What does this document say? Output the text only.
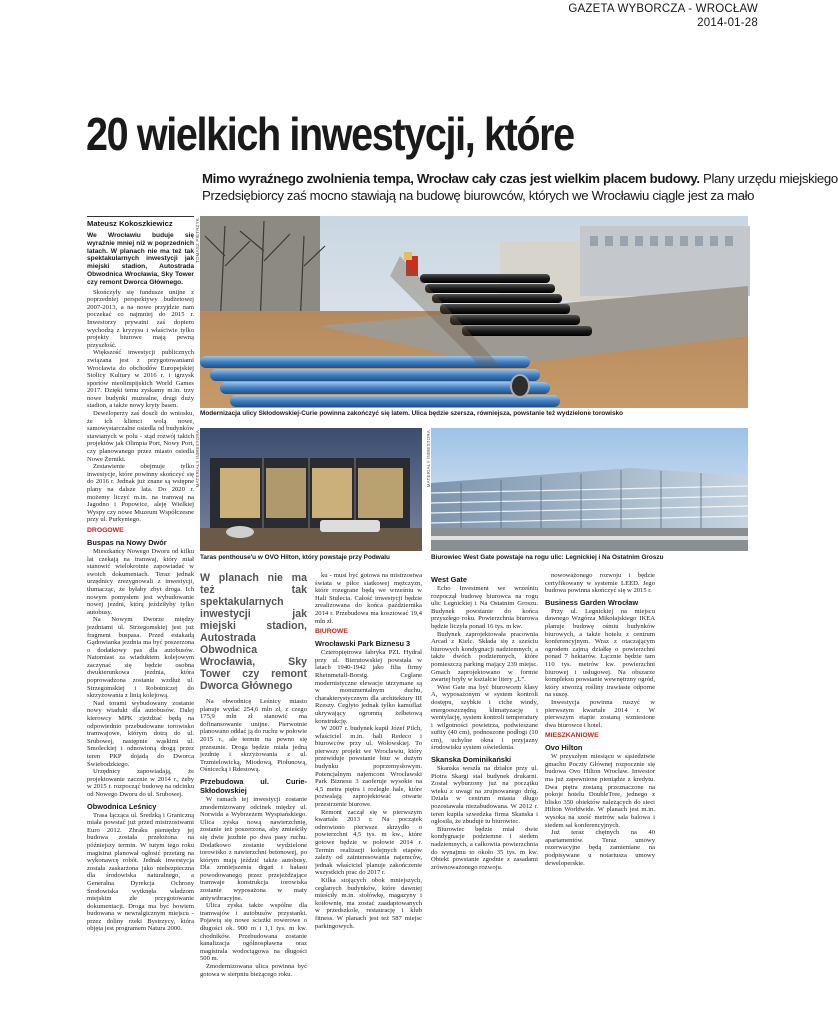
GAZETA WYBORCZA - WROCŁAW
2014-01-28
20 wielkich inwestycji, które
Mimo wyraźnego zwolnienia tempa, Wrocław cały czas jest wielkim placem budowy. Plany urzędu miejskiego
Przedsiębiorcy zaś mocno stawiają na budowę biurowców, których we Wrocławiu ciągle jest za mało
Mateusz Kokoszkiewicz
We Wrocławiu buduje się wyraźnie mniej niż w poprzednich latach. W planach nie ma też tak spektakularnych inwestycji jak miejski stadion, Autostrada Obwodnica Wrocławia, Sky Tower czy remont Dworca Głównego.

Skończyły się fundusze unijne z poprzedniej perspektywy budżetowej 2007-2013, a na nowe przyjdzie nam poczekać co najmniej do 2015 r. Inwestorzy prywatni zaś dopiero wychodzą z kryzysu i właściwie tylko projekty biurowe mają pewną przyszłość.

Większość inwestycji publicznych związana jest z przygotowaniami Wrocławia do obchodów Europejskiej Stolicy Kultury w 2016 r. i igrzysk sportów nieolimpijskich World Games 2017. Dzięki temu zyskamy m.in. trzy nowe budynki muzealne, drugi duży stadion, a także nowy kryty basen.

Deweloperzy zaś doszli do wniosku, że ich klienci wolą nowe, samowystarczalne osiedla od budynków stawianych w polu - stąd rozwój takich projektów jak Olimpia Port, Nowy Port, czy planowanego przez miasto osiedla Nowe Żerniki.

Zestawienie obejmuje tylko inwestycje, które powinny skończyć się do 2016 r. Jednak już znane są wstępne plany na dalsze lata. Do 2020 r. możemy liczyć m.in. na tramwaj na Jagodno i Popowice, aleję Wielkiej Wyspy czy nowe Muzeum Współczesne przy ul. Purkyniego.

DROGOWE
Buspas na Nowy Dwór

Mieszkańcy Nowego Dworu od kilku lat czekają na tramwaj, który miał stanowić wielokrotnie zapowiadać w swoich dokumentach. Teraz jednak urzędnicy zrezygnowali z inwestycji, tłumacząc, że byłaby zbyt droga. Ich nowym pomysłem jest wybudowanie nowej jezdni, którą jeździłyby tylko autobusy.

Na Nowym Dworze między jezdniami ul. Strzegomskiej jest już fragment buspasa. Przed estakadą Gądowianka jezdnia ma być poszerzona o dodatkowy pas dla autobusów. Natomiast za wiaduktem kolejowym zaczynać się będzie osobna dwukierunkowa jezdnia, która poprowadzona zostanie wzdłuż ul. Strzegomskiej i Robotniczej do skrzyżowania z linią kolejową.

Nad torami wybudowany zostanie nowy wiadukt dla autobusów. Dalej kierowcy MPK zjeżdżać będą na odpowiednio przebudowane torowisko tramwajowe, którym dotrą do ul. Srubowej, następnie wąskimi ul. Smoleckiej i odnowioną drogą przez teren PKP dojadą do Dworca Świebodzkiego.

Urzędnicy zapowiadają, że projektowanie zacznie w 2014 r., żeby w 2015 r. rozpocząć budowę na odcinku od Nowego Dworu do ul. Srubowej.

Obwodnica Leśnicy

Trasa łącząca ul. Średzką i Graniczną miała powstać już przed mistrzostwami Euro 2012. Zbraku pieniędzy jej budowa została przełożona na późniejszy termin. W tutym tego roku magistrat planował ogłosić przetarg na wykonawcę robót. Jednak inwestycja została zaskarżona jako niebezpieczna dla środowiska naturalnego, a Generalna Dyrekcja Ochrony Środowiska wytknęła władzom miejskim złe przygotowanie dokumentacji. Droga ma być bowiem budowana w newralgicznym miejscu - przez doliny rzeki Bystrzycy, która objęta jest programem Natura 2000.

TOMASZ PIETRZYK
Modernizacja ulicy Skłodowskiej-Curie powinna zakończyć się latem. Ulica będzie szersza, równiejsza, powstanie też wydzielone torowisko
MATERIAŁY INWESTORA
Taras penthouse'u w OVO Hilton, który powstaje przy Podwalu
MATERIAŁY INWESTORA
Biurowiec West Gate powstaje na rogu ulic: Legnickiej i Na Ostatnim Groszu
W planach nie ma też tak spektakularnych inwestycji jak miejski stadion, Autostrada Obwodnica Wrocławia, Sky Tower czy remont Dworca Głównego

Na obwodnicę Leśnicy miasto planuje wydać 254,6 mln zł, z czego 175,9 mln zł stanowić ma dofinansowanie unijne. Pierwotnie planowano oddać ją do ruchu w połowie 2015 r., ale termin na pewno się przesunie. Droga będzie miała jedną jezdnię i skrzyżowania z ul. Trzmielowicką, Miodową, Piołunową, Ośnicecką i Rdestową.

Przebudowa ul. Curie-Skłodowskiej

W ramach tej inwestycji zostanie zmodernizowany odcinek między ul. Norwida a Wybrzeżem Wyspiańskiego. Ulica zyska nową nawierzchnię, zostanie też poszerzona, aby zmieściły się dwie jezdnie po dwa pasy ruchu. Dodatkowo zostanie wydzielone torowisko z nawierzchni betonowej, po którym mają jeździć także autobusy. Dla zmniejszenia drgań i hałasu powodowanego przez przejeżdżające tramwaje konstrukcja torowiska zostanie wyposażona w maty antywibracyjne.

Ulica zyska także wspólne dla tramwajów i autobusów przystanki. Pojawią się nowe ścieżki rowerowe o długości ok. 900 m i 1,1 tys. m kw. chodników. Przebudowana zostanie kanalizacja ogólnospławna oraz magistrala wodociągowa na długości 500 m.

Zmodernizowana ulica powinna być gotowa w sierpniu bieżącego roku.

ku - musi być gotowa na mistrzostwa świata w piłce siatkowej mężczyzn, które rozegrane będą we wrześniu w Hali Stulecia. Całość inwestycji będzie zrealizowana do końca października 2014 r. Przebudowa ma kosztować 19,4 mln zł.

BIUROWE
Wrocławski Park Biznesu 3

Czteropiętrowa fabryka PZL Hydral przy ul. Bierutowskiej powstała w latach 1940-1942 jako filia firmy Rheinmetall-Borsig. Ceglane modernistyczne elewacje utrzymane są w monumentalnym duchu, charakterystycznym dla architektury III Rzeszy. Ceglyto jednak tylko kamuflaż ukrywający ogromną żelbetową konstrukcję.

W 2007 r. budynek kupił Józef Pilch, właściciel m.in. hali Redeco i biurowców przy ul. Wołowskiej. To pierwszy projekt we Wrocławiu, który przewiduje powstanie biur w dużym budynku poprzemysłowym. Potencjalnym najemcom Wrocławski Park Biznesu 3 zaoferuje wysokie na 4,5 metra piętra i rozległe hale, które pozwalają zaprojektować otwarte przestrzenie biurowe.

Remont zaczął się w pierwszym kwartale 2013 r. Na początek odnowiono pierwsze skrzydło o powierzchni 4,5 tys. m kw., które gotowe będzie w połowie 2014 r. Termin realizacji kolejnych etapów zależy od zainteresowania najemców, jednak właściciel planuje zakończenie wszystkich prac do 2017 r.

Kilka stojących obok mniejszych, ceglanych budynków, które dawniej mieściły m.in. stołówkę, magazyny i kotłownię, ma zostać zaadaptowanych w przedszkole, restaurację i klub fitness. W planach jest też 587 miejsc parkingowych.

West Gate

Echo Investment we wrześniu rozpoczął budowę biurowca na rogu ulic Legnickiej i Na Ostatnim Groszu. Budynek powstanie do końca przyszłego roku. Powierzchnia biurowa będzie liczyła ponad 16 tys. m kw.

Budynek zaprojektowała pracownia Arcad z Kielc. Składa się z sześciu biurowych kondygnacji nadziemnych, a także dwóch podziemnych, które pomieszczą parking mający 239 miejsc. Gmach zaprojektowano w formie zwartej bryły w kształcie litery „L”.

West Gate ma być biurowcem klasy A, wyposażonym w system kontroli dostępu, szybkie i ciche windy, energooszczędną klimatyzację i wentylację, system kontroli temperatury i wilgotności powietrza, podwieszane sufity (40 cm), podnoszone podłogi (10 cm), uchylne okna i przyjazny środowisku system oświetlenia.

Skanska Dominikański

Skanska weszła na działce przy ul. Piotra Skargi stał budynek drukarni. Został wyburzony już na początku wieku z uwagi na zrujnowanego dróg. Działa w centrum miasta długo pozostawała niezabudowana. W 2012 r. teren kupiła szwedzka firma Skanska i ogłosiła, że zbuduje tu biurowiec.

Biurowiec będzie miał dwie kondygnacje podziemne i siedem nadziemnych, a całkowita powierzchnia do wynajmu to około 35 tys. m kw. Obiekt powstanie zgodnie z zasadami zrównoważonego rozwoju.

nowoważonego rozwoju i będzie certyfikowany w systemie LEED. Jego budowa powinna skończyć się w 2015 r.

Business Garden Wrocław

Przy ul. Legnickiej na miejscu dawnego Wzgórza Mikołajskiego IKEA planuje budowę ośmiu budynków biurowych, a także hotelu z centrum konferencyjnym. Wraz z otaczającym ogrodem zajmą działkę o powierzchni ponad 7 hektarów. Łącznie będzie tam 110 tys. metrów kw. powierzchni biurowej i usługowej. Na obszarze kompleksu powstanie wewnętrzny ogród, który stworzą rośliny trawiaste odporne na suszę.

Inwestycja powinna ruszyć w pierwszym kwartale 2014 r. W pierwszym etapie zostaną wzniesione dwa biurowce i hotel.

MIESZKANIOWE
Ovo Hilton

W przyszłym miesiącu w sąsiedztwie gmachu Poczty Głównej rozpocznie się budowa Ovo Hilton Wrocław. Inwestor ma już zapewnione pieniądze z kredytu. Dwa piętra zostaną przeznaczone na pokoje hotelu DoubleTree, jednego z blisko 350 obiektów należących do sieci Hilton Worldwide. W planach jest m.in. wysoka na sześć metrów sala balowa i siedem sal konferencyjnych.

Już teraz chętnych na 40 apartamentów. Teraz umowy rezerwacyjne będą zamieniane na podpisywane u notariusza umowy deweloperskie.
